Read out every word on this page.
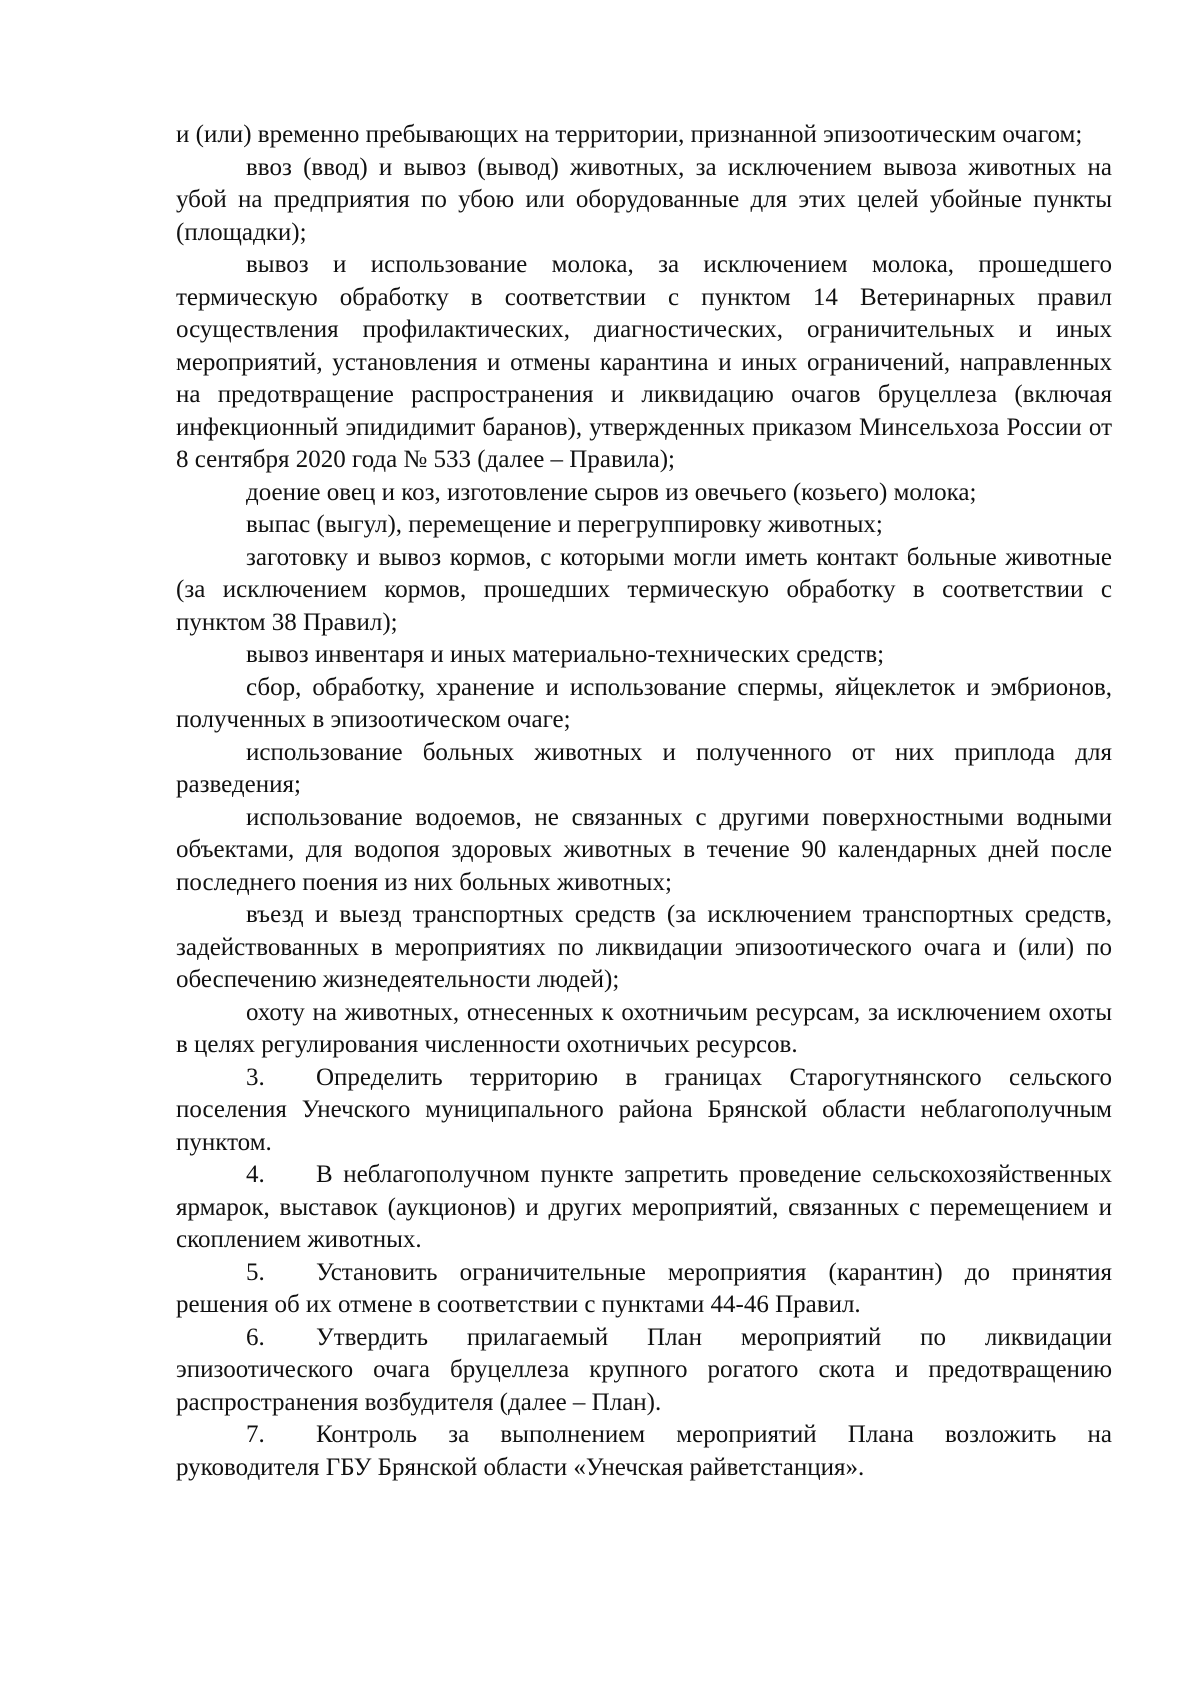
и (или) временно пребывающих на территории, признанной эпизоотическим очагом;

ввоз (ввод) и вывоз (вывод) животных, за исключением вывоза животных на убой на предприятия по убою или оборудованные для этих целей убойные пункты (площадки);

вывоз и использование молока, за исключением молока, прошедшего термическую обработку в соответствии с пунктом 14 Ветеринарных правил осуществления профилактических, диагностических, ограничительных и иных мероприятий, установления и отмены карантина и иных ограничений, направленных на предотвращение распространения и ликвидацию очагов бруцеллеза (включая инфекционный эпидидимит баранов), утвержденных приказом Минсельхоза России от 8 сентября 2020 года № 533 (далее – Правила);

доение овец и коз, изготовление сыров из овечьего (козьего) молока;

выпас (выгул), перемещение и перегруппировку животных;

заготовку и вывоз кормов, с которыми могли иметь контакт больные животные (за исключением кормов, прошедших термическую обработку в соответствии с пунктом 38 Правил);

вывоз инвентаря и иных материально-технических средств;

сбор, обработку, хранение и использование спермы, яйцеклеток и эмбрионов, полученных в эпизоотическом очаге;

использование больных животных и полученного от них приплода для разведения;

использование водоемов, не связанных с другими поверхностными водными объектами, для водопоя здоровых животных в течение 90 календарных дней после последнего поения из них больных животных;

въезд и выезд транспортных средств (за исключением транспортных средств, задействованных в мероприятиях по ликвидации эпизоотического очага и (или) по обеспечению жизнедеятельности людей);

охоту на животных, отнесенных к охотничьим ресурсам, за исключением охоты в целях регулирования численности охотничьих ресурсов.

3. Определить территорию в границах Старогутнянского сельского поселения Унечского муниципального района Брянской области неблагополучным пунктом.

4. В неблагополучном пункте запретить проведение сельскохозяйственных ярмарок, выставок (аукционов) и других мероприятий, связанных с перемещением и скоплением животных.

5. Установить ограничительные мероприятия (карантин) до принятия решения об их отмене в соответствии с пунктами 44-46 Правил.

6. Утвердить прилагаемый План мероприятий по ликвидации эпизоотического очага бруцеллеза крупного рогатого скота и предотвращению распространения возбудителя (далее – План).

7. Контроль за выполнением мероприятий Плана возложить на руководителя ГБУ Брянской области «Унечская райветстанция».
